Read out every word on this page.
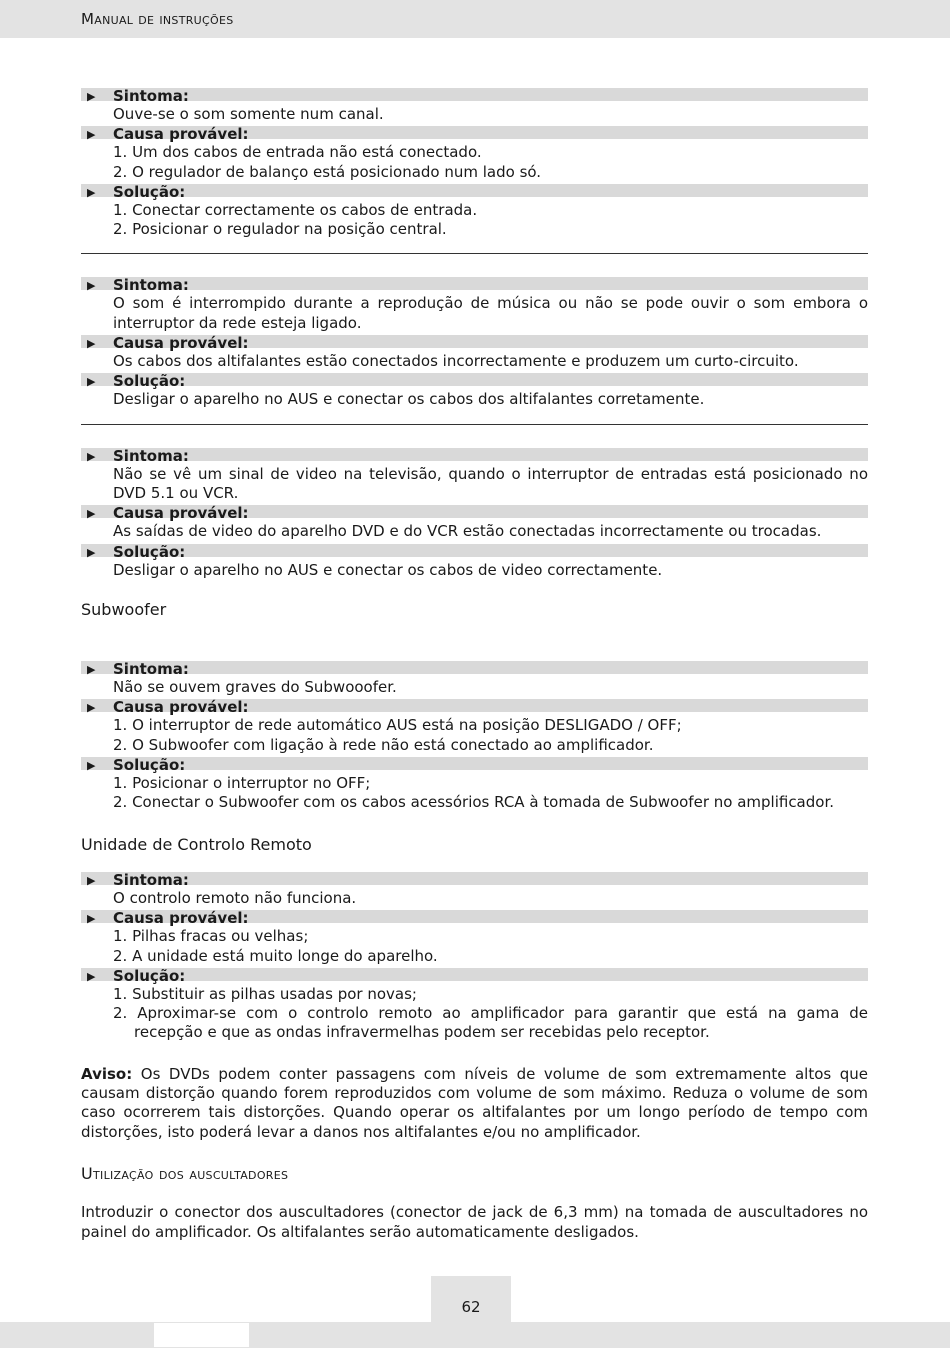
Manual de instruções
▶ Sintoma:
Ouve-se o som somente num canal.
▶ Causa provável:
1. Um dos cabos de entrada não está conectado.
2. O regulador de balanço está posicionado num lado só.
▶ Solução:
1. Conectar correctamente os cabos de entrada.
2. Posicionar o regulador na posição central.
▶ Sintoma:
O som é interrompido durante a reprodução de música ou não se pode ouvir o som embora o interruptor da rede esteja ligado.
▶ Causa provável:
Os cabos dos altifalantes estão conectados incorrectamente e produzem um curto-circuito.
▶ Solução:
Desligar o aparelho no AUS e conectar os cabos dos altifalantes corretamente.
▶ Sintoma:
Não se vê um sinal de video na televisão, quando o interruptor de entradas está posicionado no DVD 5.1 ou VCR.
▶ Causa provável:
As saídas de video do aparelho DVD e do VCR estão conectadas incorrectamente ou trocadas.
▶ Solução:
Desligar o aparelho no AUS e conectar os cabos de video correctamente.
Subwoofer
▶ Sintoma:
Não se ouvem graves do Subwooofer.
▶ Causa provável:
1. O interruptor de rede automático AUS está na posição DESLIGADO / OFF;
2. O Subwoofer com ligação à rede não está conectado ao amplificador.
▶ Solução:
1. Posicionar o interruptor no OFF;
2. Conectar o Subwoofer com os cabos acessórios RCA à tomada de Subwoofer no amplificador.
Unidade de Controlo Remoto
▶ Sintoma:
O controlo remoto não funciona.
▶ Causa provável:
1. Pilhas fracas ou velhas;
2. A unidade está muito longe do aparelho.
▶ Solução:
1. Substituir as pilhas usadas por novas;
2. Aproximar-se com o controlo remoto ao amplificador para garantir que está na gama de recepção e que as ondas infravermelhas podem ser recebidas pelo receptor.
Aviso: Os DVDs podem conter passagens com níveis de volume de som extremamente altos que causam distorção quando forem reproduzidos com volume de som máximo. Reduza o volume de som caso ocorrerem tais distorções. Quando operar os altifalantes por um longo período de tempo com distorções, isto poderá levar a danos nos altifalantes e/ou no amplificador.
Utilização dos auscultadores
Introduzir o conector dos auscultadores (conector de jack de 6,3 mm) na tomada de auscultadores no painel do amplificador. Os altifalantes serão automaticamente desligados.
62
